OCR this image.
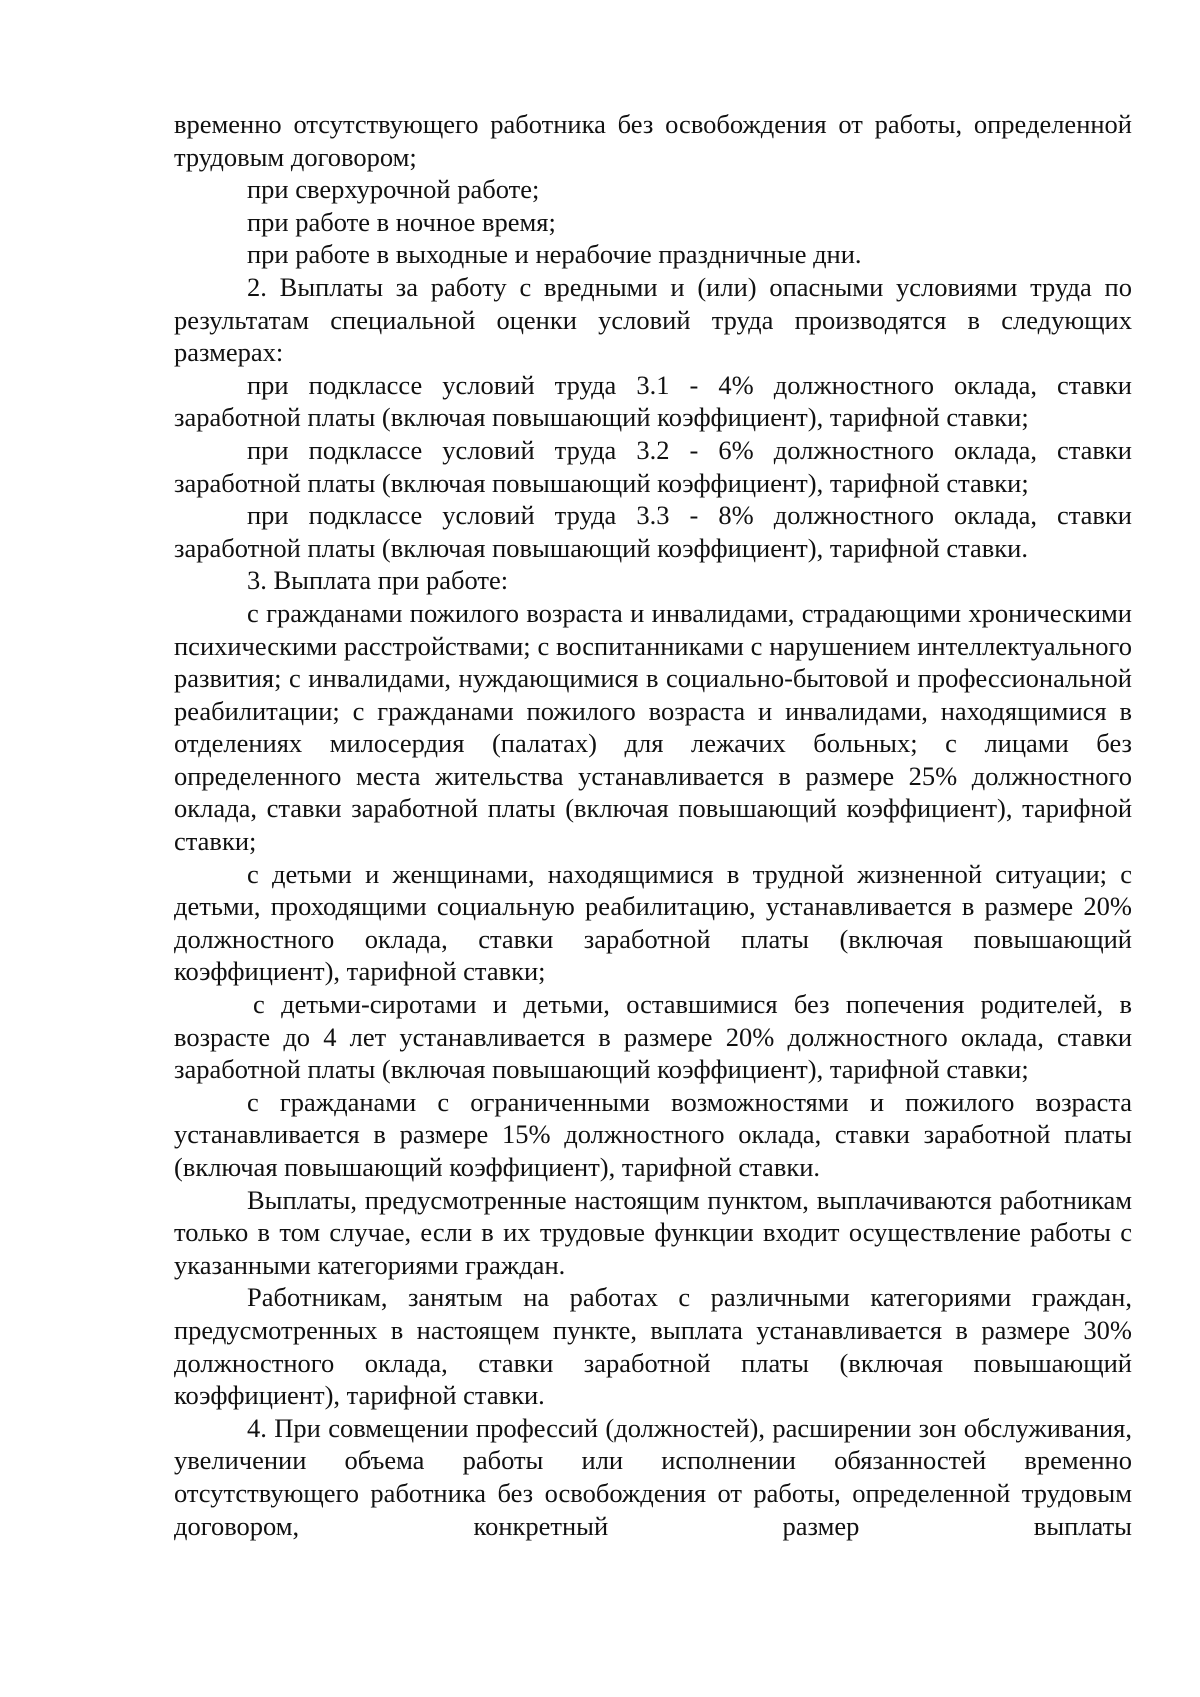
временно отсутствующего работника без освобождения от работы, определенной трудовым договором;

при сверхурочной работе;

при работе в ночное время;

при работе в выходные и нерабочие праздничные дни.

2. Выплаты за работу с вредными и (или) опасными условиями труда по результатам специальной оценки условий труда производятся в следующих размерах:

при подклассе условий труда 3.1 - 4% должностного оклада, ставки заработной платы (включая повышающий коэффициент), тарифной ставки;

при подклассе условий труда 3.2 - 6% должностного оклада, ставки заработной платы (включая повышающий коэффициент), тарифной ставки;

при подклассе условий труда 3.3 - 8% должностного оклада, ставки заработной платы (включая повышающий коэффициент), тарифной ставки.

3. Выплата при работе:

с гражданами пожилого возраста и инвалидами, страдающими хроническими психическими расстройствами; с воспитанниками с нарушением интеллектуального развития; с инвалидами, нуждающимися в социально-бытовой и профессиональной реабилитации; с гражданами пожилого возраста и инвалидами, находящимися в отделениях милосердия (палатах) для лежачих больных; с лицами без определенного места жительства устанавливается в размере 25% должностного оклада, ставки заработной платы (включая повышающий коэффициент), тарифной ставки;

с детьми и женщинами, находящимися в трудной жизненной ситуации; с детьми, проходящими социальную реабилитацию, устанавливается в размере 20% должностного оклада, ставки заработной платы (включая повышающий коэффициент), тарифной ставки;

с детьми-сиротами и детьми, оставшимися без попечения родителей, в возрасте до 4 лет устанавливается в размере 20% должностного оклада, ставки заработной платы (включая повышающий коэффициент), тарифной ставки;

с гражданами с ограниченными возможностями и пожилого возраста устанавливается в размере 15% должностного оклада, ставки заработной платы (включая повышающий коэффициент), тарифной ставки.

Выплаты, предусмотренные настоящим пунктом, выплачиваются работникам только в том случае, если в их трудовые функции входит осуществление работы с указанными категориями граждан.

Работникам, занятым на работах с различными категориями граждан, предусмотренных в настоящем пункте, выплата устанавливается в размере 30% должностного оклада, ставки заработной платы (включая повышающий коэффициент), тарифной ставки.

4. При совмещении профессий (должностей), расширении зон обслуживания, увеличении объема работы или исполнении обязанностей временно отсутствующего работника без освобождения от работы, определенной трудовым договором, конкретный размер выплаты
